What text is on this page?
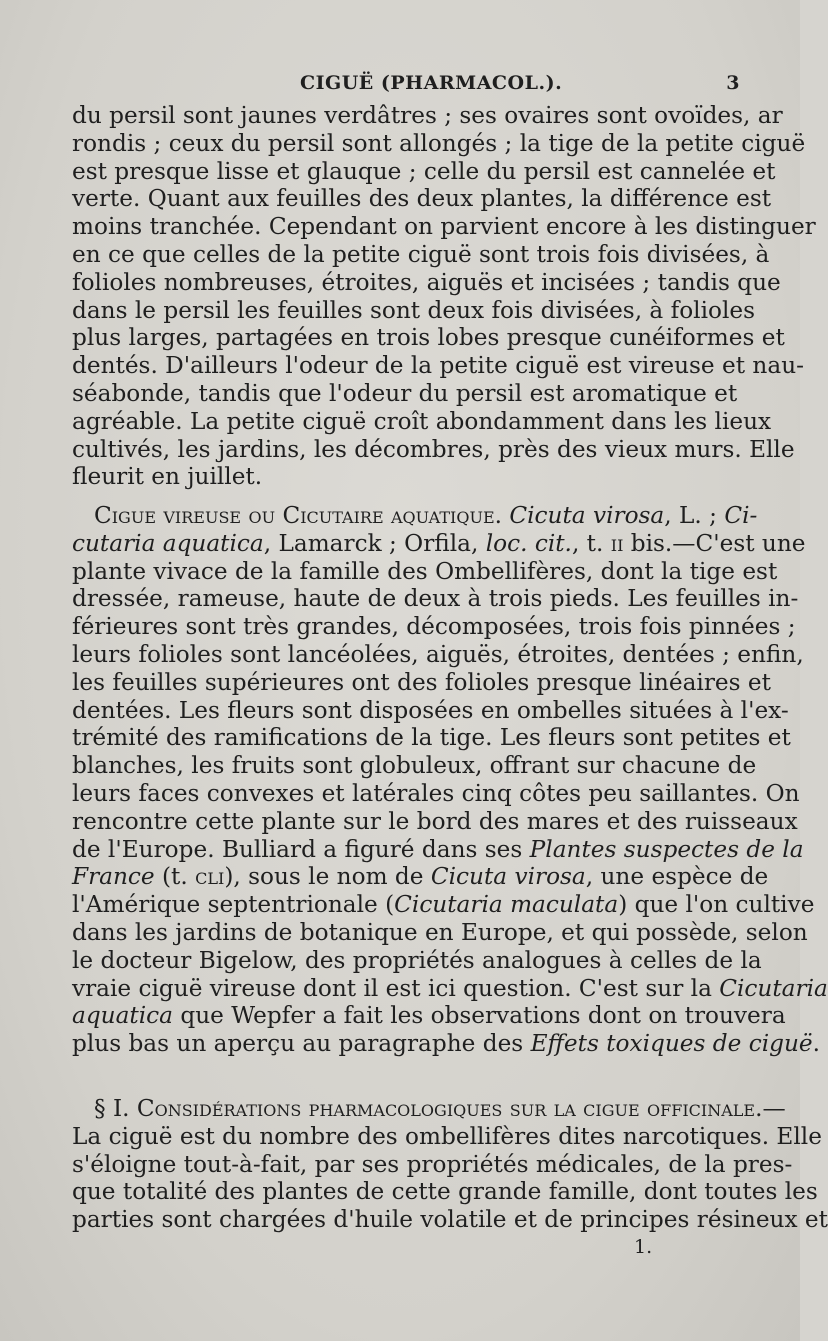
CIGUË (PHARMACOL.).	3
du persil sont jaunes verdâtres ; ses ovaires sont ovoïdes, ar
rondis ; ceux du persil sont allongés ; la tige de la petite ciguë
est presque lisse et glauque ; celle du persil est cannelée et
verte. Quant aux feuilles des deux plantes, la différence est
moins tranchée. Cependant on parvient encore à les distinguer
en ce que celles de la petite ciguë sont trois fois divisées, à
folioles nombreuses, étroites, aiguës et incisées ; tandis que
dans le persil les feuilles sont deux fois divisées, à folioles
plus larges, partagées en trois lobes presque cunéiformes et
dentés. D'ailleurs l'odeur de la petite ciguë est vireuse et nau-
séabonde, tandis que l'odeur du persil est aromatique et
agréable. La petite ciguë croît abondamment dans les lieux
cultivés, les jardins, les décombres, près des vieux murs. Elle
fleurit en juillet.
Cigue vireuse ou Cicutaire aquatique. Cicuta virosa, L. ; Ci-
cutaria aquatica, Lamarck ; Orfila, loc. cit., t. ii bis.—C'est une
plante vivace de la famille des Ombellifères, dont la tige est
dressée, rameuse, haute de deux à trois pieds. Les feuilles in-
férieures sont très grandes, décomposées, trois fois pinnées ;
leurs folioles sont lancéolées, aiguës, étroites, dentées ; enfin,
les feuilles supérieures ont des folioles presque linéaires et
dentées. Les fleurs sont disposées en ombelles situées à l'ex-
trémité des ramifications de la tige. Les fleurs sont petites et
blanches, les fruits sont globuleux, offrant sur chacune de
leurs faces convexes et latérales cinq côtes peu saillantes. On
rencontre cette plante sur le bord des mares et des ruisseaux
de l'Europe. Bulliard a figuré dans ses Plantes suspectes de la
France (t. cli), sous le nom de Cicuta virosa, une espèce de
l'Amérique septentrionale (Cicutaria maculata) que l'on cultive
dans les jardins de botanique en Europe, et qui possède, selon
le docteur Bigelow, des propriétés analogues à celles de la
vraie ciguë vireuse dont il est ici question. C'est sur la Cicutaria
aquatica que Wepfer a fait les observations dont on trouvera
plus bas un aperçu au paragraphe des Effets toxiques de ciguë.
§ I. Considérations pharmacologiques sur la cigue officinale.—
La ciguë est du nombre des ombellifères dites narcotiques. Elle
s'éloigne tout-à-fait, par ses propriétés médicales, de la pres-
que totalité des plantes de cette grande famille, dont toutes les
parties sont chargées d'huile volatile et de principes résineux et
1.
